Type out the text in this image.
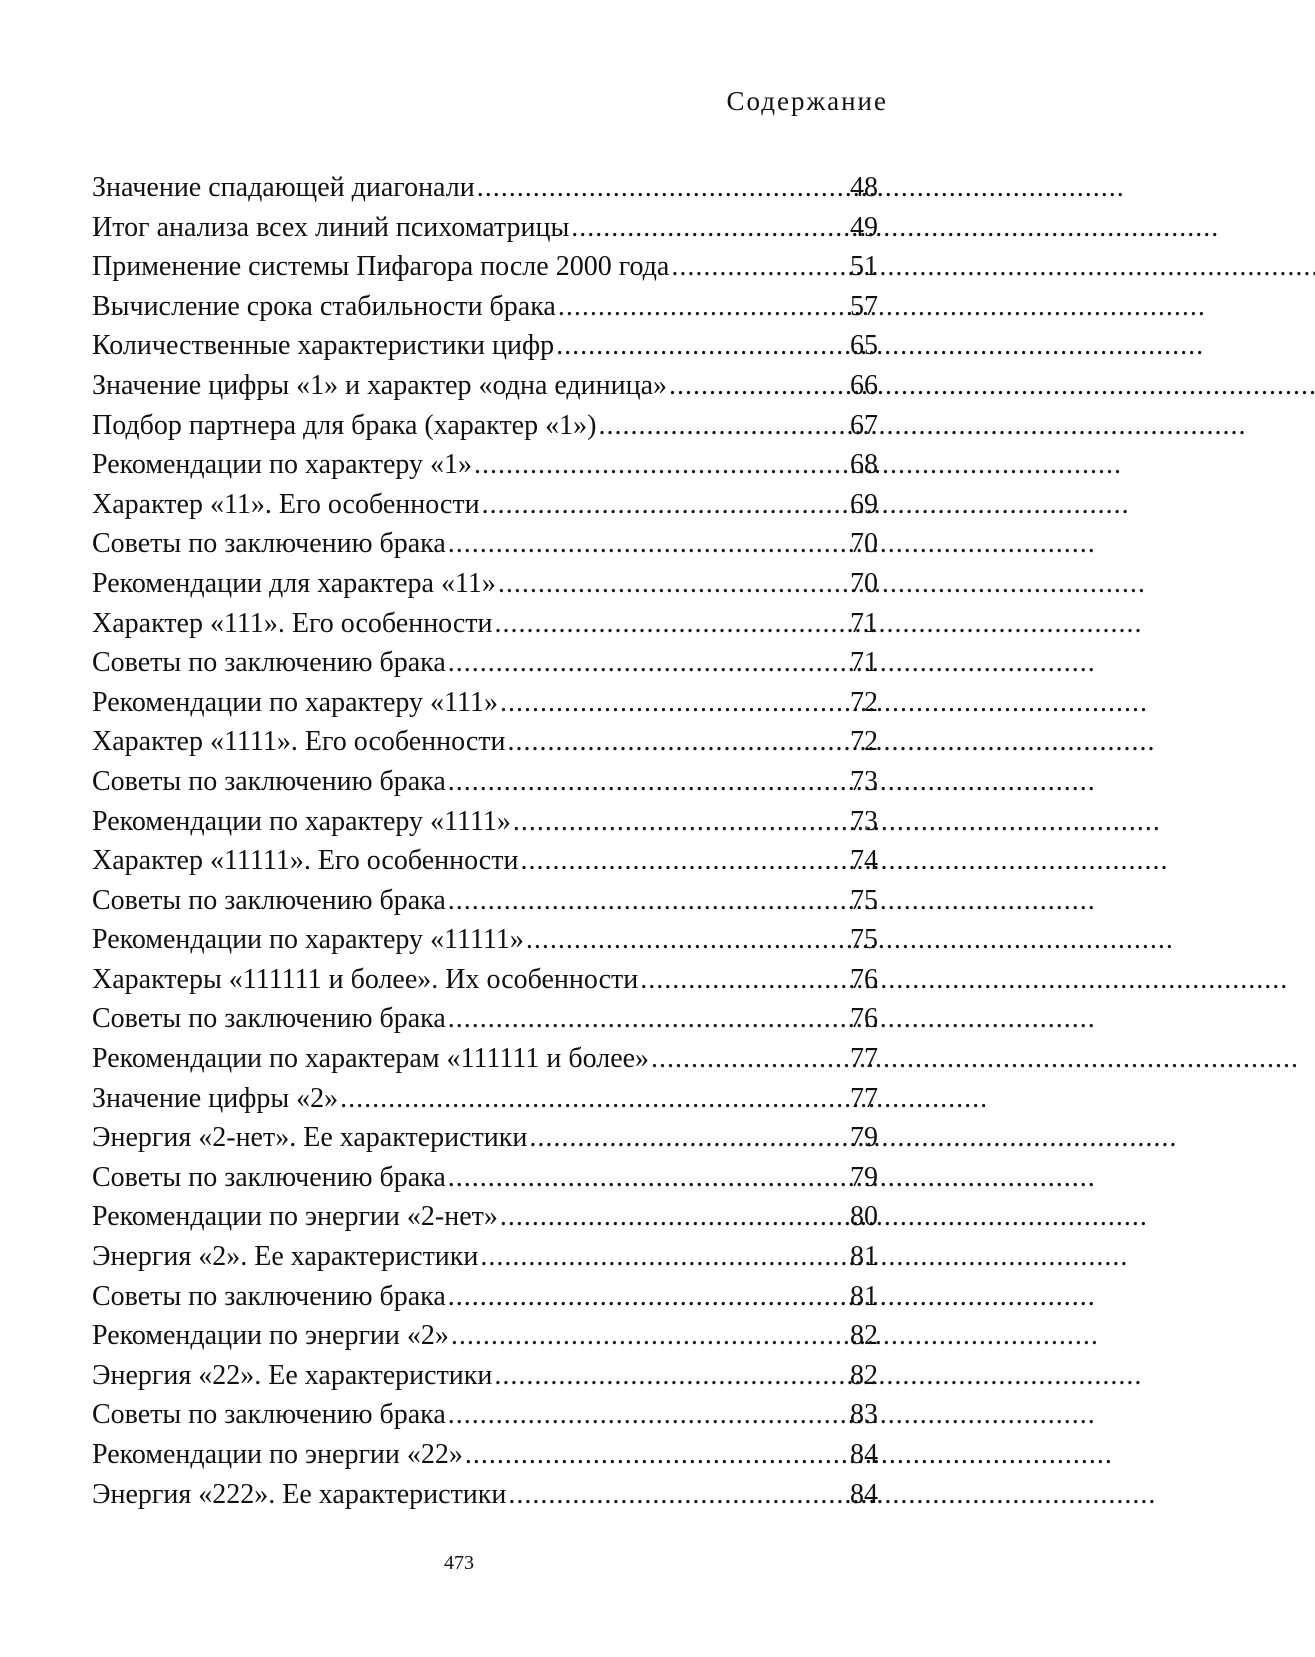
Содержание
Значение спадающей диагонали . . .	48
Итог анализа всех линий психоматрицы . . .	49
Применение системы Пифагора после 2000 года . . .	51
Вычисление срока стабильности брака . . .	57
Количественные характеристики цифр . . .	65
Значение цифры «1» и характер «одна единица» . . .	66
Подбор партнера для брака (характер «1») . . .	67
Рекомендации по характеру «1» . . .	68
Характер «11». Его особенности . . .	69
Советы по заключению брака . . .	70
Рекомендации для характера «11» . . .	70
Характер «111». Его особенности . . .	71
Советы по заключению брака . . .	71
Рекомендации по характеру «111» . . .	72
Характер «1111». Его особенности . . .	72
Советы по заключению брака . . .	73
Рекомендации по характеру «1111» . . .	73
Характер «11111». Его особенности . . .	74
Советы по заключению брака . . .	75
Рекомендации по характеру «11111» . . .	75
Характеры «111111 и более». Их особенности . . .	76
Советы по заключению брака . . .	76
Рекомендации по характерам «111111 и более» . . .	77
Значение цифры «2» . . .	77
Энергия «2-нет». Ее характеристики . . .	79
Советы по заключению брака . . .	79
Рекомендации по энергии «2-нет» . . .	80
Энергия «2». Ее характеристики . . .	81
Советы по заключению брака . . .	81
Рекомендации по энергии «2» . . .	82
Энергия «22». Ее характеристики . . .	82
Советы по заключению брака . . .	83
Рекомендации по энергии «22» . . .	84
Энергия «222». Ее характеристики . . .	84
473
